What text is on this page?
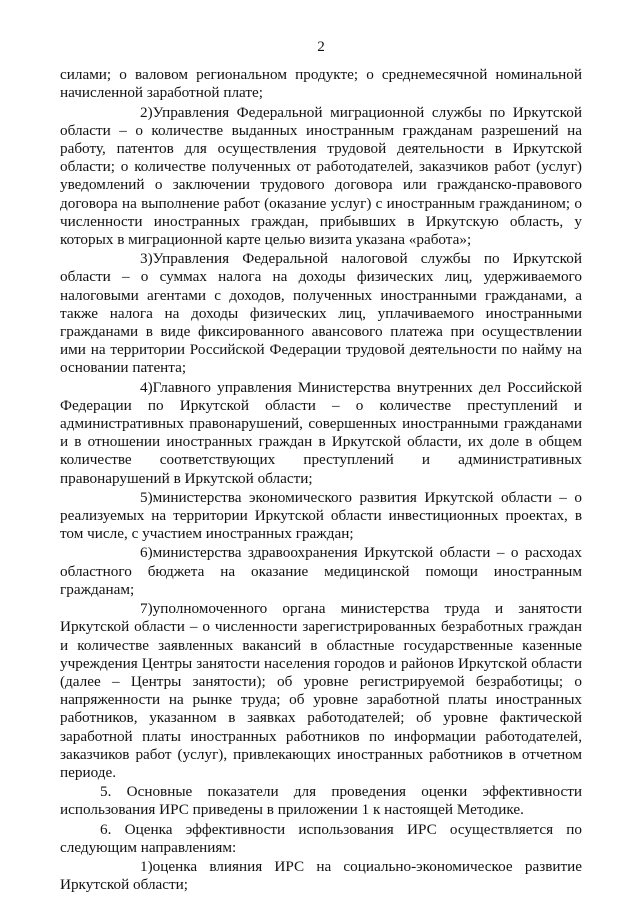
2

силами; о валовом региональном продукте; о среднемесячной номинальной начисленной заработной плате;

2)Управления Федеральной миграционной службы по Иркутской области – о количестве выданных иностранным гражданам разрешений на работу, патентов для осуществления трудовой деятельности в Иркутской области; о количестве полученных от работодателей, заказчиков работ (услуг) уведомлений о заключении трудового договора или гражданско-правового договора на выполнение работ (оказание услуг) с иностранным гражданином; о численности иностранных граждан, прибывших в Иркутскую область, у которых в миграционной карте целью визита указана «работа»;

3)Управления Федеральной налоговой службы по Иркутской области – о суммах налога на доходы физических лиц, удерживаемого налоговыми агентами с доходов, полученных иностранными гражданами, а также налога на доходы физических лиц, уплачиваемого иностранными гражданами в виде фиксированного авансового платежа при осуществлении ими на территории Российской Федерации трудовой деятельности по найму на основании патента;

4)Главного управления Министерства внутренних дел Российской Федерации по Иркутской области – о количестве преступлений и административных правонарушений, совершенных иностранными гражданами и в отношении иностранных граждан в Иркутской области, их доле в общем количестве соответствующих преступлений и административных правонарушений в Иркутской области;

5)министерства экономического развития Иркутской области – о реализуемых на территории Иркутской области инвестиционных проектах, в том числе, с участием иностранных граждан;

6)министерства здравоохранения Иркутской области – о расходах областного бюджета на оказание медицинской помощи иностранным гражданам;

7)уполномоченного органа министерства труда и занятости Иркутской области – о численности зарегистрированных безработных граждан и количестве заявленных вакансий в областные государственные казенные учреждения Центры занятости населения городов и районов Иркутской области (далее – Центры занятости); об уровне регистрируемой безработицы; о напряженности на рынке труда; об уровне заработной платы иностранных работников, указанном в заявках работодателей; об уровне фактической заработной платы иностранных работников по информации работодателей, заказчиков работ (услуг), привлекающих иностранных работников в отчетном периоде.

5. Основные показатели для проведения оценки эффективности использования ИРС приведены в приложении 1 к настоящей Методике.

6. Оценка эффективности использования ИРС осуществляется по следующим направлениям:

1)оценка влияния ИРС на социально-экономическое развитие Иркутской области;
